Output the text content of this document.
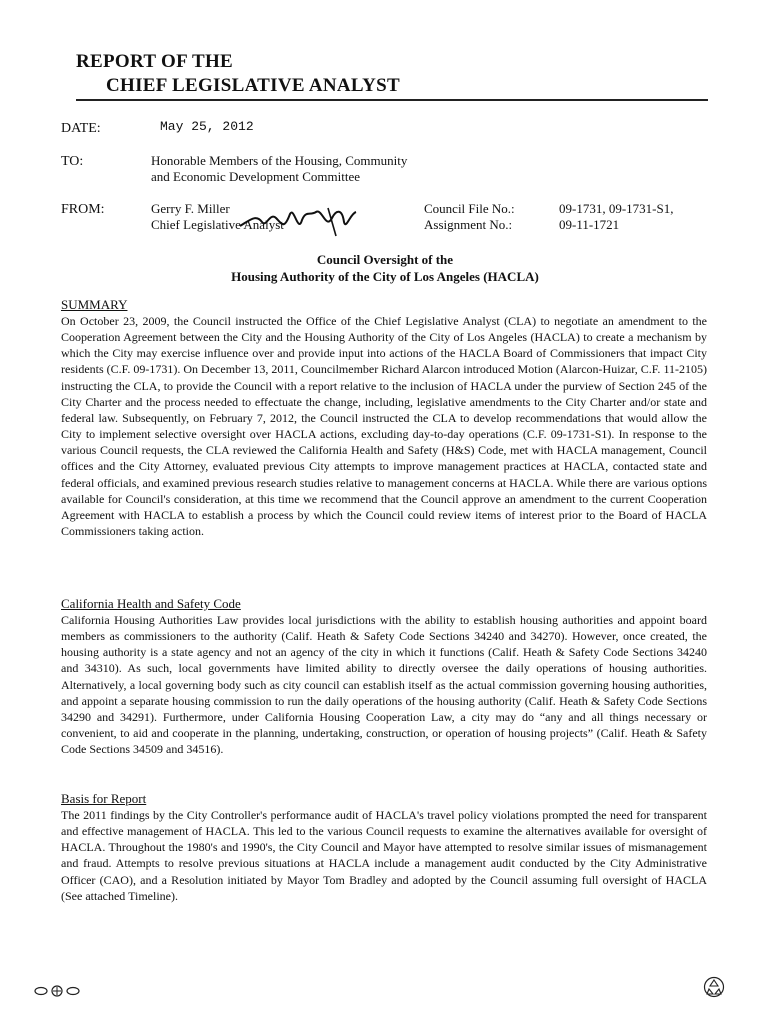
REPORT OF THE
CHIEF LEGISLATIVE ANALYST
DATE:	May 25, 2012
TO:	Honorable Members of the Housing, Community
and Economic Development Committee
FROM:	Gerry F. Miller
Chief Legislative Analyst
Council File No.:	09-1731, 09-1731-S1,
Assignment No.:	09-11-1721
Council Oversight of the
Housing Authority of the City of Los Angeles (HACLA)
SUMMARY
On October 23, 2009, the Council instructed the Office of the Chief Legislative Analyst (CLA) to negotiate an amendment to the Cooperation Agreement between the City and the Housing Authority of the City of Los Angeles (HACLA) to create a mechanism by which the City may exercise influence over and provide input into actions of the HACLA Board of Commissioners that impact City residents (C.F. 09-1731). On December 13, 2011, Councilmember Richard Alarcon introduced Motion (Alarcon-Huizar, C.F. 11-2105) instructing the CLA, to provide the Council with a report relative to the inclusion of HACLA under the purview of Section 245 of the City Charter and the process needed to effectuate the change, including, legislative amendments to the City Charter and/or state and federal law. Subsequently, on February 7, 2012, the Council instructed the CLA to develop recommendations that would allow the City to implement selective oversight over HACLA actions, excluding day-to-day operations (C.F. 09-1731-S1). In response to the various Council requests, the CLA reviewed the California Health and Safety (H&S) Code, met with HACLA management, Council offices and the City Attorney, evaluated previous City attempts to improve management practices at HACLA, contacted state and federal officials, and examined previous research studies relative to management concerns at HACLA. While there are various options available for Council's consideration, at this time we recommend that the Council approve an amendment to the current Cooperation Agreement with HACLA to establish a process by which the Council could review items of interest prior to the Board of HACLA Commissioners taking action.
California Health and Safety Code
California Housing Authorities Law provides local jurisdictions with the ability to establish housing authorities and appoint board members as commissioners to the authority (Calif. Heath & Safety Code Sections 34240 and 34270). However, once created, the housing authority is a state agency and not an agency of the city in which it functions (Calif. Heath & Safety Code Sections 34240 and 34310). As such, local governments have limited ability to directly oversee the daily operations of housing authorities. Alternatively, a local governing body such as city council can establish itself as the actual commission governing housing authorities, and appoint a separate housing commission to run the daily operations of the housing authority (Calif. Heath & Safety Code Sections 34290 and 34291). Furthermore, under California Housing Cooperation Law, a city may do “any and all things necessary or convenient, to aid and cooperate in the planning, undertaking, construction, or operation of housing projects” (Calif. Heath & Safety Code Sections 34509 and 34516).
Basis for Report
The 2011 findings by the City Controller's performance audit of HACLA's travel policy violations prompted the need for transparent and effective management of HACLA. This led to the various Council requests to examine the alternatives available for oversight of HACLA. Throughout the 1980's and 1990's, the City Council and Mayor have attempted to resolve similar issues of mismanagement and fraud. Attempts to resolve previous situations at HACLA include a management audit conducted by the City Administrative Officer (CAO), and a Resolution initiated by Mayor Tom Bradley and adopted by the Council assuming full oversight of HACLA (See attached Timeline).
